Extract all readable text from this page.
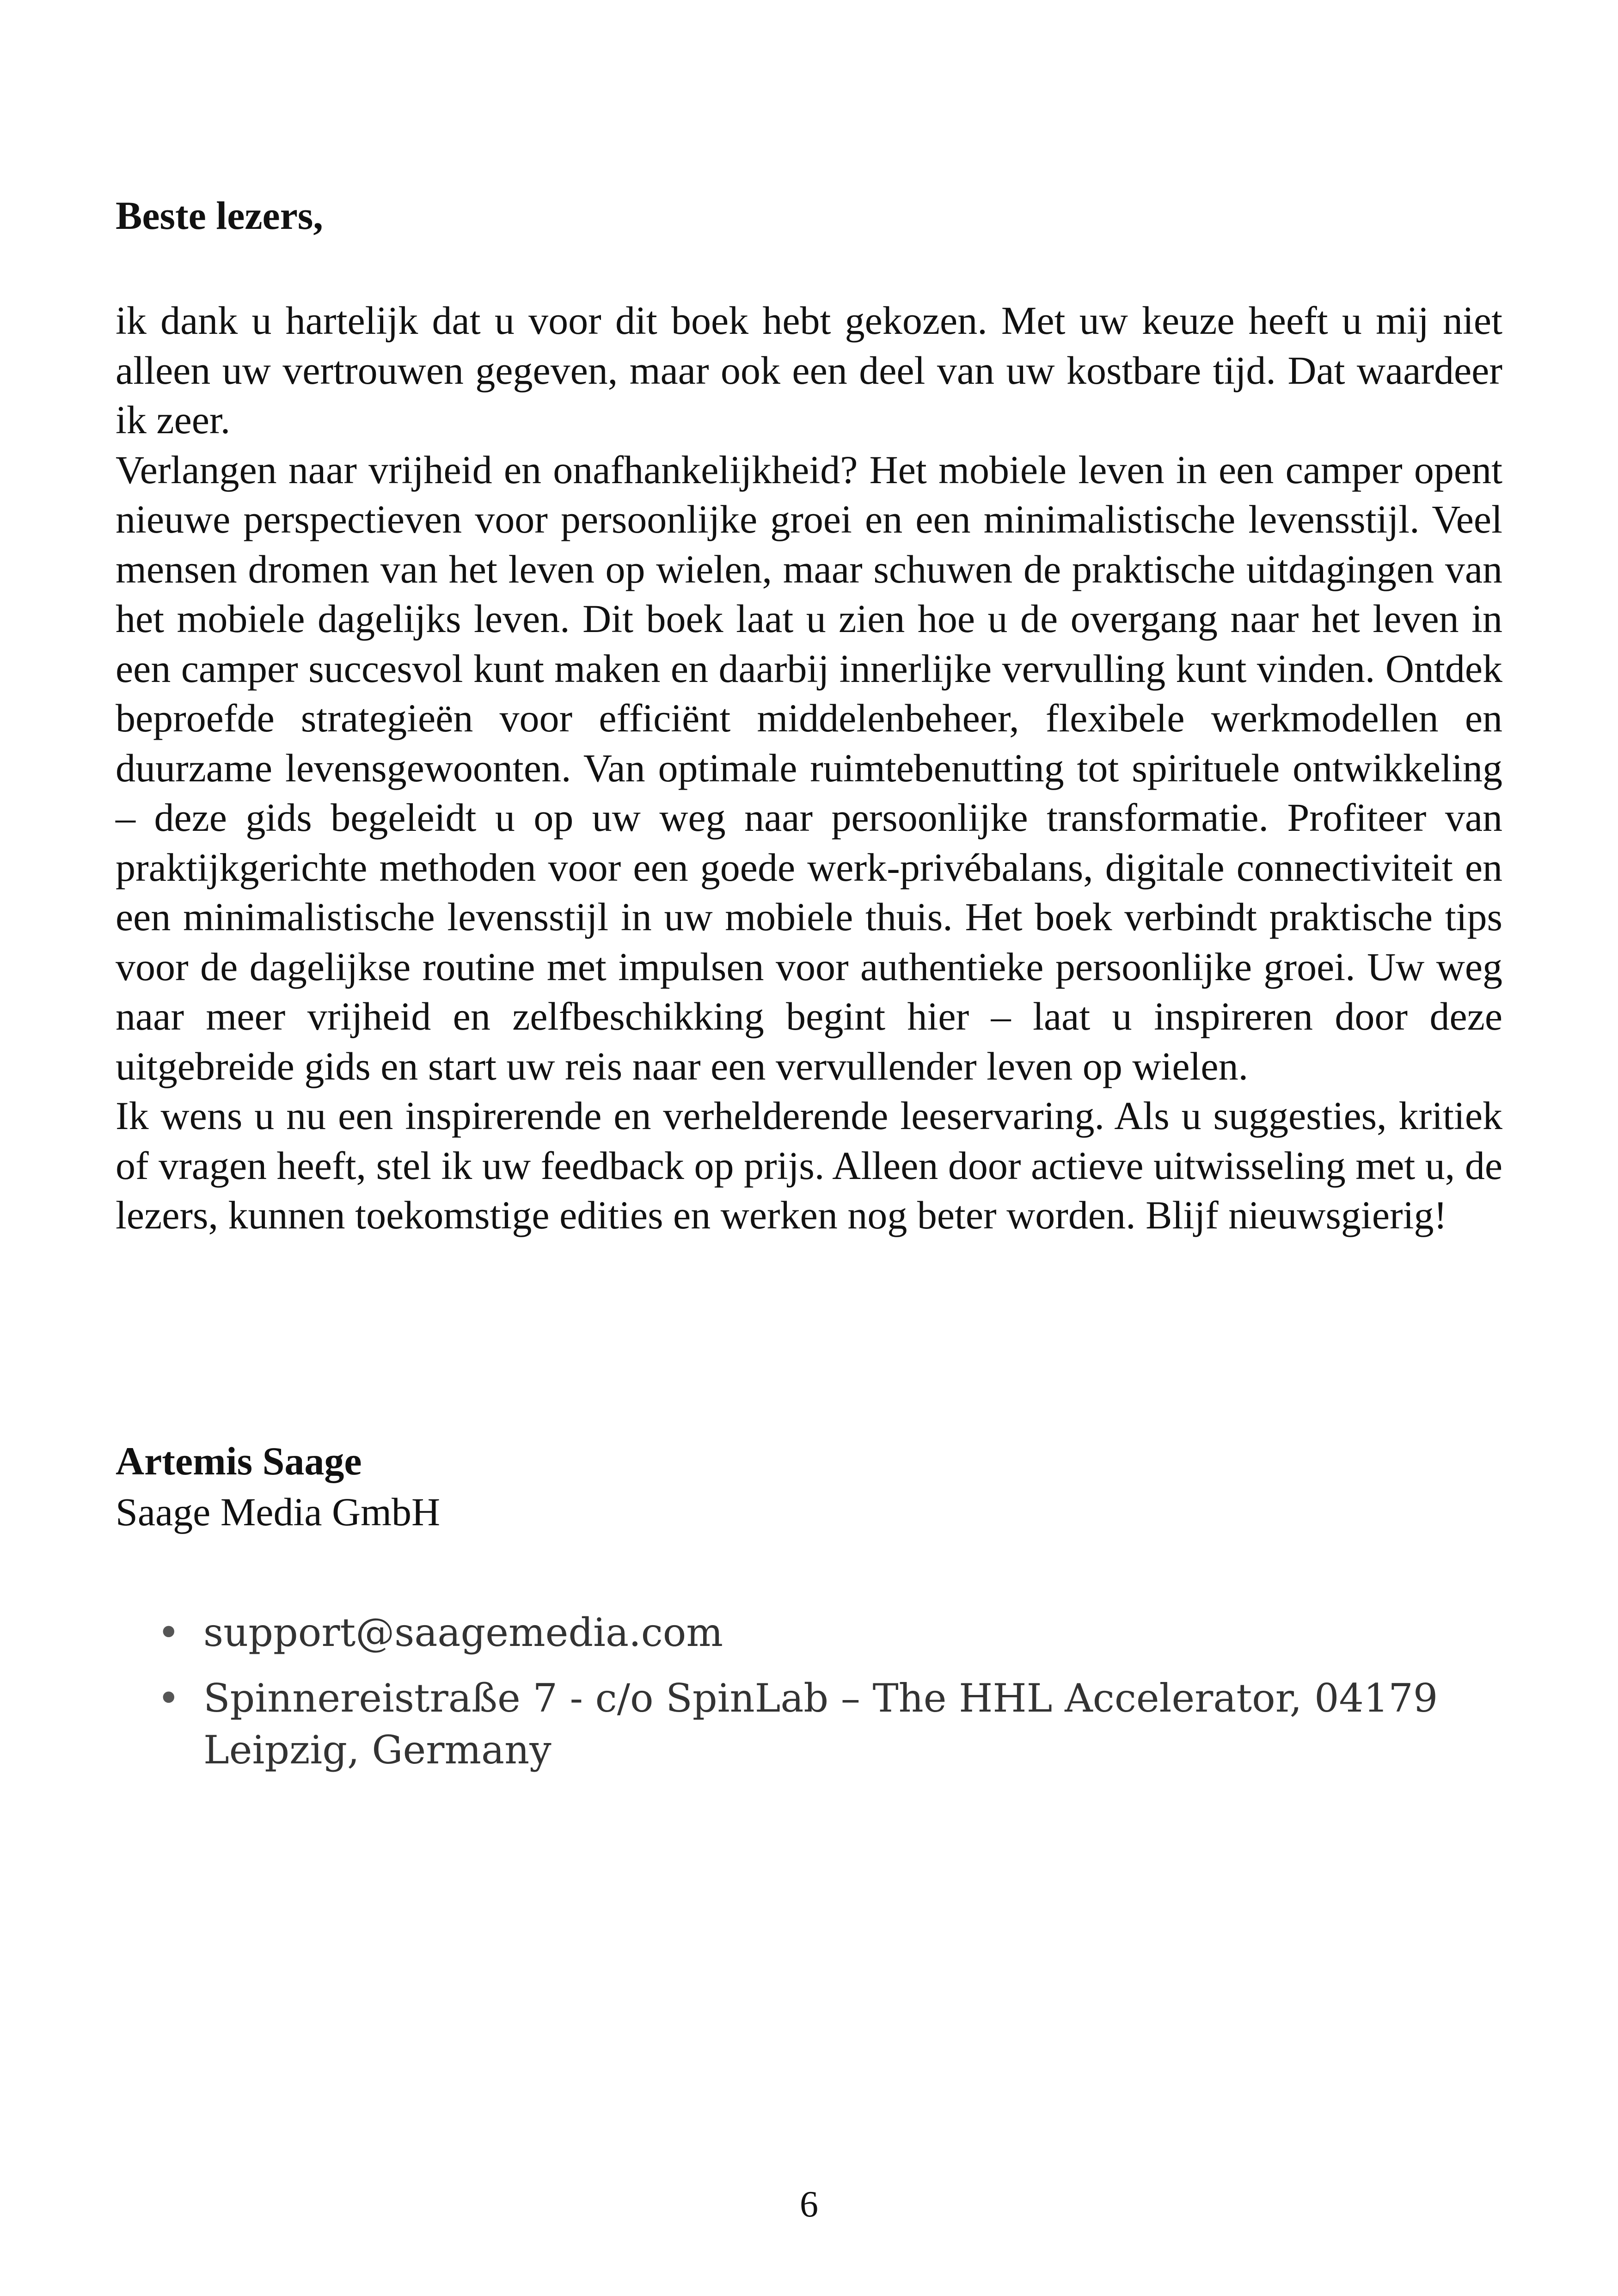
Beste lezers,

ik dank u hartelijk dat u voor dit boek hebt gekozen. Met uw keuze heeft u mij niet alleen uw vertrouwen gegeven, maar ook een deel van uw kostbare tijd. Dat waardeer ik zeer.

Verlangen naar vrijheid en onafhankelijkheid? Het mobiele leven in een camper opent nieuwe perspectieven voor persoonlijke groei en een minimalistische levensstijl. Veel mensen dromen van het leven op wielen, maar schuwen de praktische uitdagingen van het mobiele dagelijks leven. Dit boek laat u zien hoe u de overgang naar het leven in een camper succesvol kunt maken en daarbij innerlijke vervulling kunt vinden. Ontdek beproefde strategieën voor efficiënt middelenbeheer, flexibele werkmodellen en duurzame levensgewoonten. Van optimale ruimtebenutting tot spirituele ontwikkeling – deze gids begeleidt u op uw weg naar persoonlijke transformatie. Profiteer van praktijkgerichte methoden voor een goede werk-privébalans, digitale connectiviteit en een minimalistische levensstijl in uw mobiele thuis. Het boek verbindt praktische tips voor de dagelijkse routine met impulsen voor authentieke persoonlijke groei. Uw weg naar meer vrijheid en zelfbeschikking begint hier – laat u inspireren door deze uitgebreide gids en start uw reis naar een vervullender leven op wielen.

Ik wens u nu een inspirerende en verhelderende leeservaring. Als u suggesties, kritiek of vragen heeft, stel ik uw feedback op prijs. Alleen door actieve uitwisseling met u, de lezers, kunnen toekomstige edities en werken nog beter worden. Blijf nieuwsgierig!

Artemis Saage
Saage Media GmbH
• support@saagemedia.com
• Spinnereistraße 7 - c/o SpinLab – The HHL Accelerator, 04179 Leipzig, Germany
6
